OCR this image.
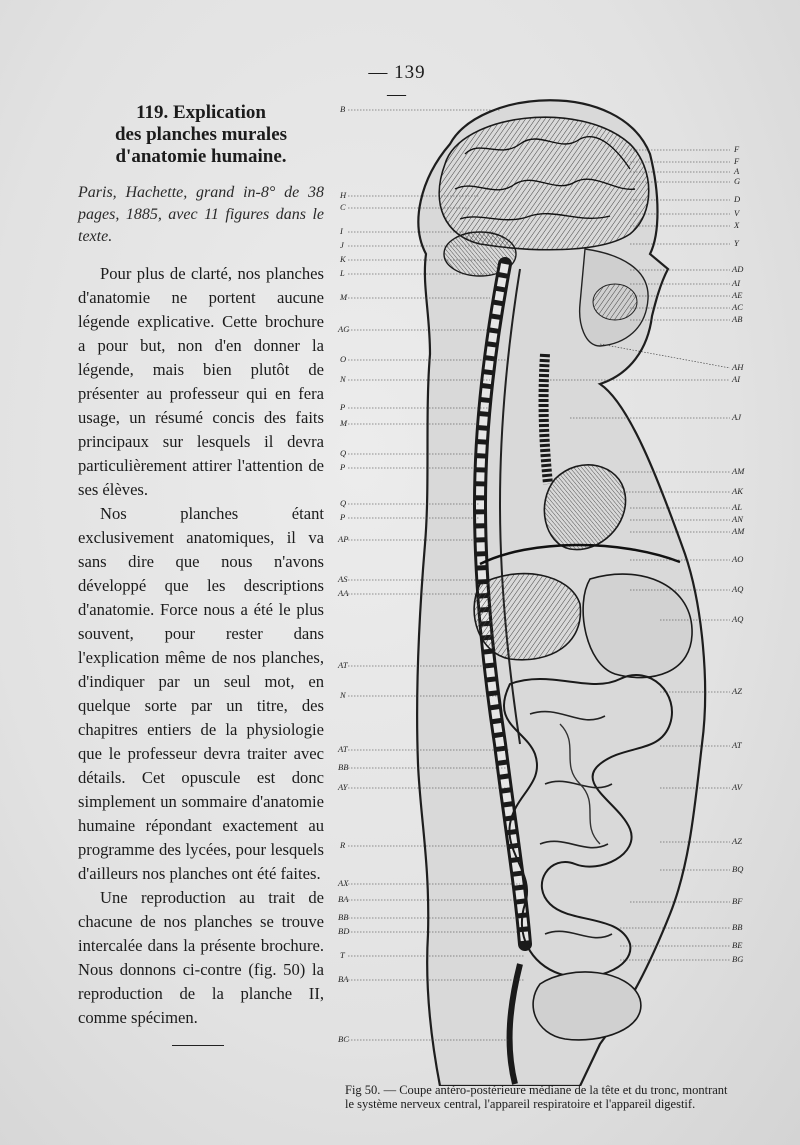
— 139 —
119. Explication
des planches murales
d'anatomie humaine.

Paris, Hachette, grand in-8° de 38 pages, 1885, avec 11 figures dans le texte.

Pour plus de clarté, nos planches d'anatomie ne portent aucune légende explicative. Cette brochure a pour but, non d'en donner la légende, mais bien plutôt de présenter au professeur qui en fera usage, un résumé concis des faits principaux sur lesquels il devra particulièrement attirer l'attention de ses élèves.

Nos planches étant exclusivement anatomiques, il va sans dire que nous n'avons développé que les descriptions d'anatomie. Force nous a été le plus souvent, pour rester dans l'explication même de nos planches, d'indiquer par un seul mot, en quelque sorte par un titre, des chapitres entiers de la physiologie que le professeur devra traiter avec détails. Cet opuscule est donc simplement un sommaire d'anatomie humaine répondant exactement au programme des lycées, pour lesquels d'ailleurs nos planches ont été faites.

Une reproduction au trait de chacune de nos planches se trouve intercalée dans la présente brochure. Nous donnons ci-contre (fig. 50) la reproduction de la planche II, comme spécimen.

B
H
C
I
J
K
L
M
AG
O
N
P
M
Q
P
Q
P
AP
AS
AA
AT
N
AT
BB
AY
R
AX
BA
BB
BD
T
BA
BC
F
F
A
G
D
V
X
Y
AD
AI
AE
AC
AB
AH
AI
AJ
AM
AK
AL
AN
AM
AO
AQ
AQ
AZ
AT
AV
AZ
BQ
BF
BB
BE
BG
Fig 50. — Coupe antéro-postérieure médiane de la tête et du tronc, montrant le système nerveux central, l'appareil respiratoire et l'appareil digestif.
